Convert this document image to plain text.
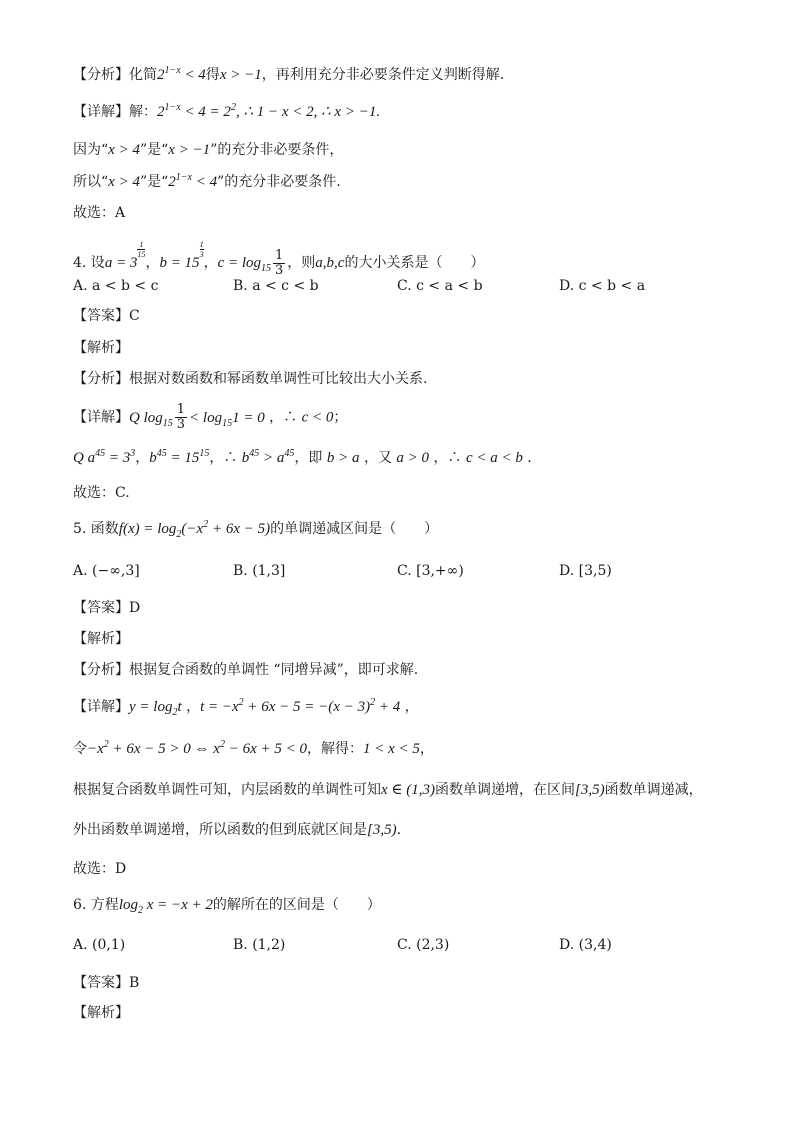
【分析】化简$2^{1-x} < 4$得x > −1，再利用充分非必要条件定义判断得解.
【详解】解：$2^{1-x} < 4 = 2^2$, ∴ 1 − x < 2, ∴ x > −1.
因为“x > 4”是“x > −1”的充分非必要条件，
所以“x > 4”是“$2^{1-x} < 4$”的充分非必要条件.
故选：A
4. 设a = 3
$\frac{1}{15}$
，b = 15
$\frac{1}{3}$
，$c = \log_{15} \frac{1}{3}$ ，则a,b,c的大小关系是（　　）
A. a < b < c	B. a < c < b	C. c < a < b	D. c < b < a
【答案】C
【解析】
【分析】根据对数函数和幂函数单调性可比较出大小关系.
【详解】Q $\log_{15} \frac{1}{3} < \log_{15}1 = 0$ ，∴ c < 0；
Q $a^{45} = 3^3$，$b^{45} = 15^{15}$，∴ $b^{45} > a^{45}$，即 b > a ，又 a > 0 ，∴ c < a < b .
故选：C.
5. 函数$f(x) = \log_2(-x^2 + 6x - 5)$的单调递减区间是（　　）
A. (−∞,3]	B. (1,3]	C. [3,+∞)	D. [3,5)
【答案】D
【解析】
【分析】根据复合函数的单调性 “同增异减”，即可求解.
【详解】$y = \log_2t$ ，$t = -x^2 + 6x - 5 = -(x - 3)^2 + 4$ ，
令$-x^2 + 6x - 5 > 0$ ⇔ $x^2 - 6x + 5 < 0$，解得：1 < x < 5，
根据复合函数单调性可知，内层函数的单调性可知x ∈ (1,3)函数单调递增，在区间[3,5)函数单调递减，
外出函数单调递增，所以函数的但到底就区间是[3,5).
故选：D
6. 方程$\log_2 x = -x + 2$的解所在的区间是（　　）
A. (0,1)	B. (1,2)	C. (2,3)	D. (3,4)
【答案】B
【解析】
